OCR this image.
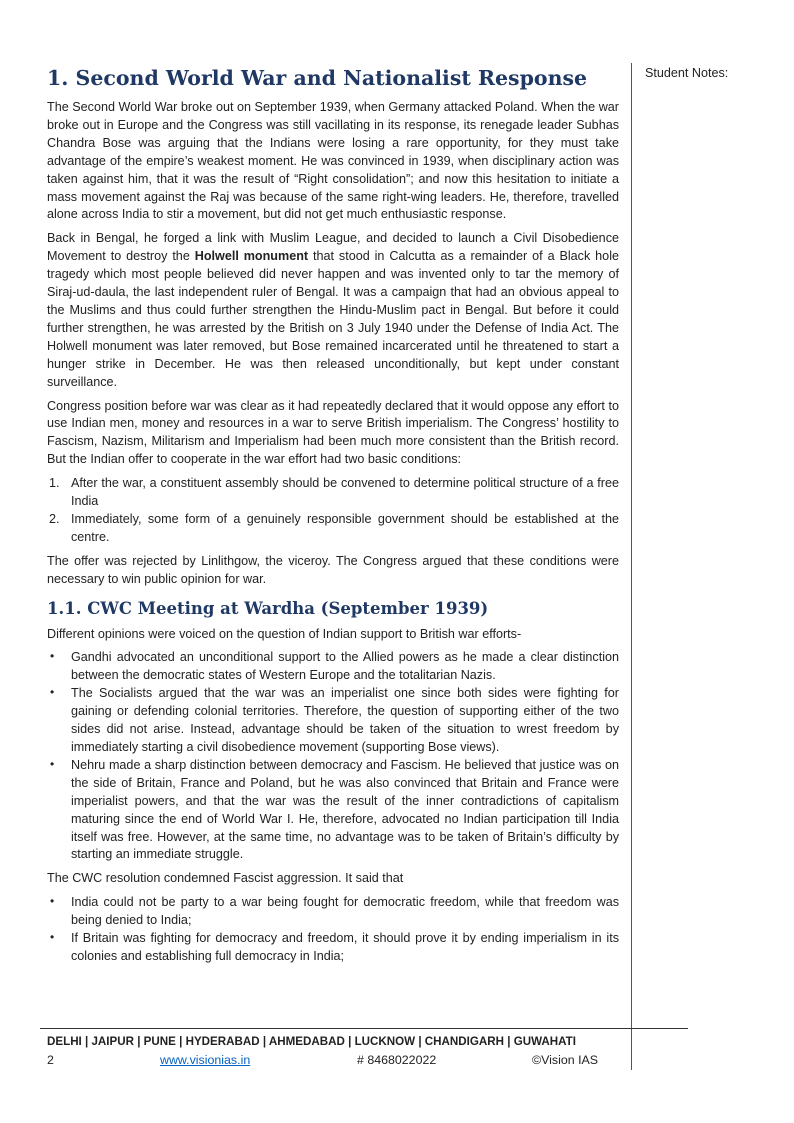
1. Second World War and Nationalist Response

The Second World War broke out on September 1939, when Germany attacked Poland. When the war broke out in Europe and the Congress was still vacillating in its response, its renegade leader Subhas Chandra Bose was arguing that the Indians were losing a rare opportunity, for they must take advantage of the empire’s weakest moment. He was convinced in 1939, when disciplinary action was taken against him, that it was the result of “Right consolidation”; and now this hesitation to initiate a mass movement against the Raj was because of the same right-wing leaders. He, therefore, travelled alone across India to stir a movement, but did not get much enthusiastic response.

Back in Bengal, he forged a link with Muslim League, and decided to launch a Civil Disobedience Movement to destroy the Holwell monument that stood in Calcutta as a remainder of a Black hole tragedy which most people believed did never happen and was invented only to tar the memory of Siraj-ud-daula, the last independent ruler of Bengal. It was a campaign that had an obvious appeal to the Muslims and thus could further strengthen the Hindu-Muslim pact in Bengal. But before it could further strengthen, he was arrested by the British on 3 July 1940 under the Defense of India Act. The Holwell monument was later removed, but Bose remained incarcerated until he threatened to start a hunger strike in December. He was then released unconditionally, but kept under constant surveillance.

Congress position before war was clear as it had repeatedly declared that it would oppose any effort to use Indian men, money and resources in a war to serve British imperialism. The Congress’ hostility to Fascism, Nazism, Militarism and Imperialism had been much more consistent than the British record. But the Indian offer to cooperate in the war effort had two basic conditions:

1. After the war, a constituent assembly should be convened to determine political structure of a free India
2. Immediately, some form of a genuinely responsible government should be established at the centre.

The offer was rejected by Linlithgow, the viceroy. The Congress argued that these conditions were necessary to win public opinion for war.

1.1. CWC Meeting at Wardha (September 1939)

Different opinions were voiced on the question of Indian support to British war efforts-

• Gandhi advocated an unconditional support to the Allied powers as he made a clear distinction between the democratic states of Western Europe and the totalitarian Nazis.
• The Socialists argued that the war was an imperialist one since both sides were fighting for gaining or defending colonial territories. Therefore, the question of supporting either of the two sides did not arise. Instead, advantage should be taken of the situation to wrest freedom by immediately starting a civil disobedience movement (supporting Bose views).
• Nehru made a sharp distinction between democracy and Fascism. He believed that justice was on the side of Britain, France and Poland, but he was also convinced that Britain and France were imperialist powers, and that the war was the result of the inner contradictions of capitalism maturing since the end of World War I. He, therefore, advocated no Indian participation till India itself was free. However, at the same time, no advantage was to be taken of Britain’s difficulty by starting an immediate struggle.

The CWC resolution condemned Fascist aggression. It said that

• India could not be party to a war being fought for democratic freedom, while that freedom was being denied to India;
• If Britain was fighting for democracy and freedom, it should prove it by ending imperialism in its colonies and establishing full democracy in India;
Student Notes:
DELHI | JAIPUR | PUNE | HYDERABAD | AHMEDABAD | LUCKNOW | CHANDIGARH | GUWAHATI
2	www.visionias.in	# 8468022022	©Vision IAS
